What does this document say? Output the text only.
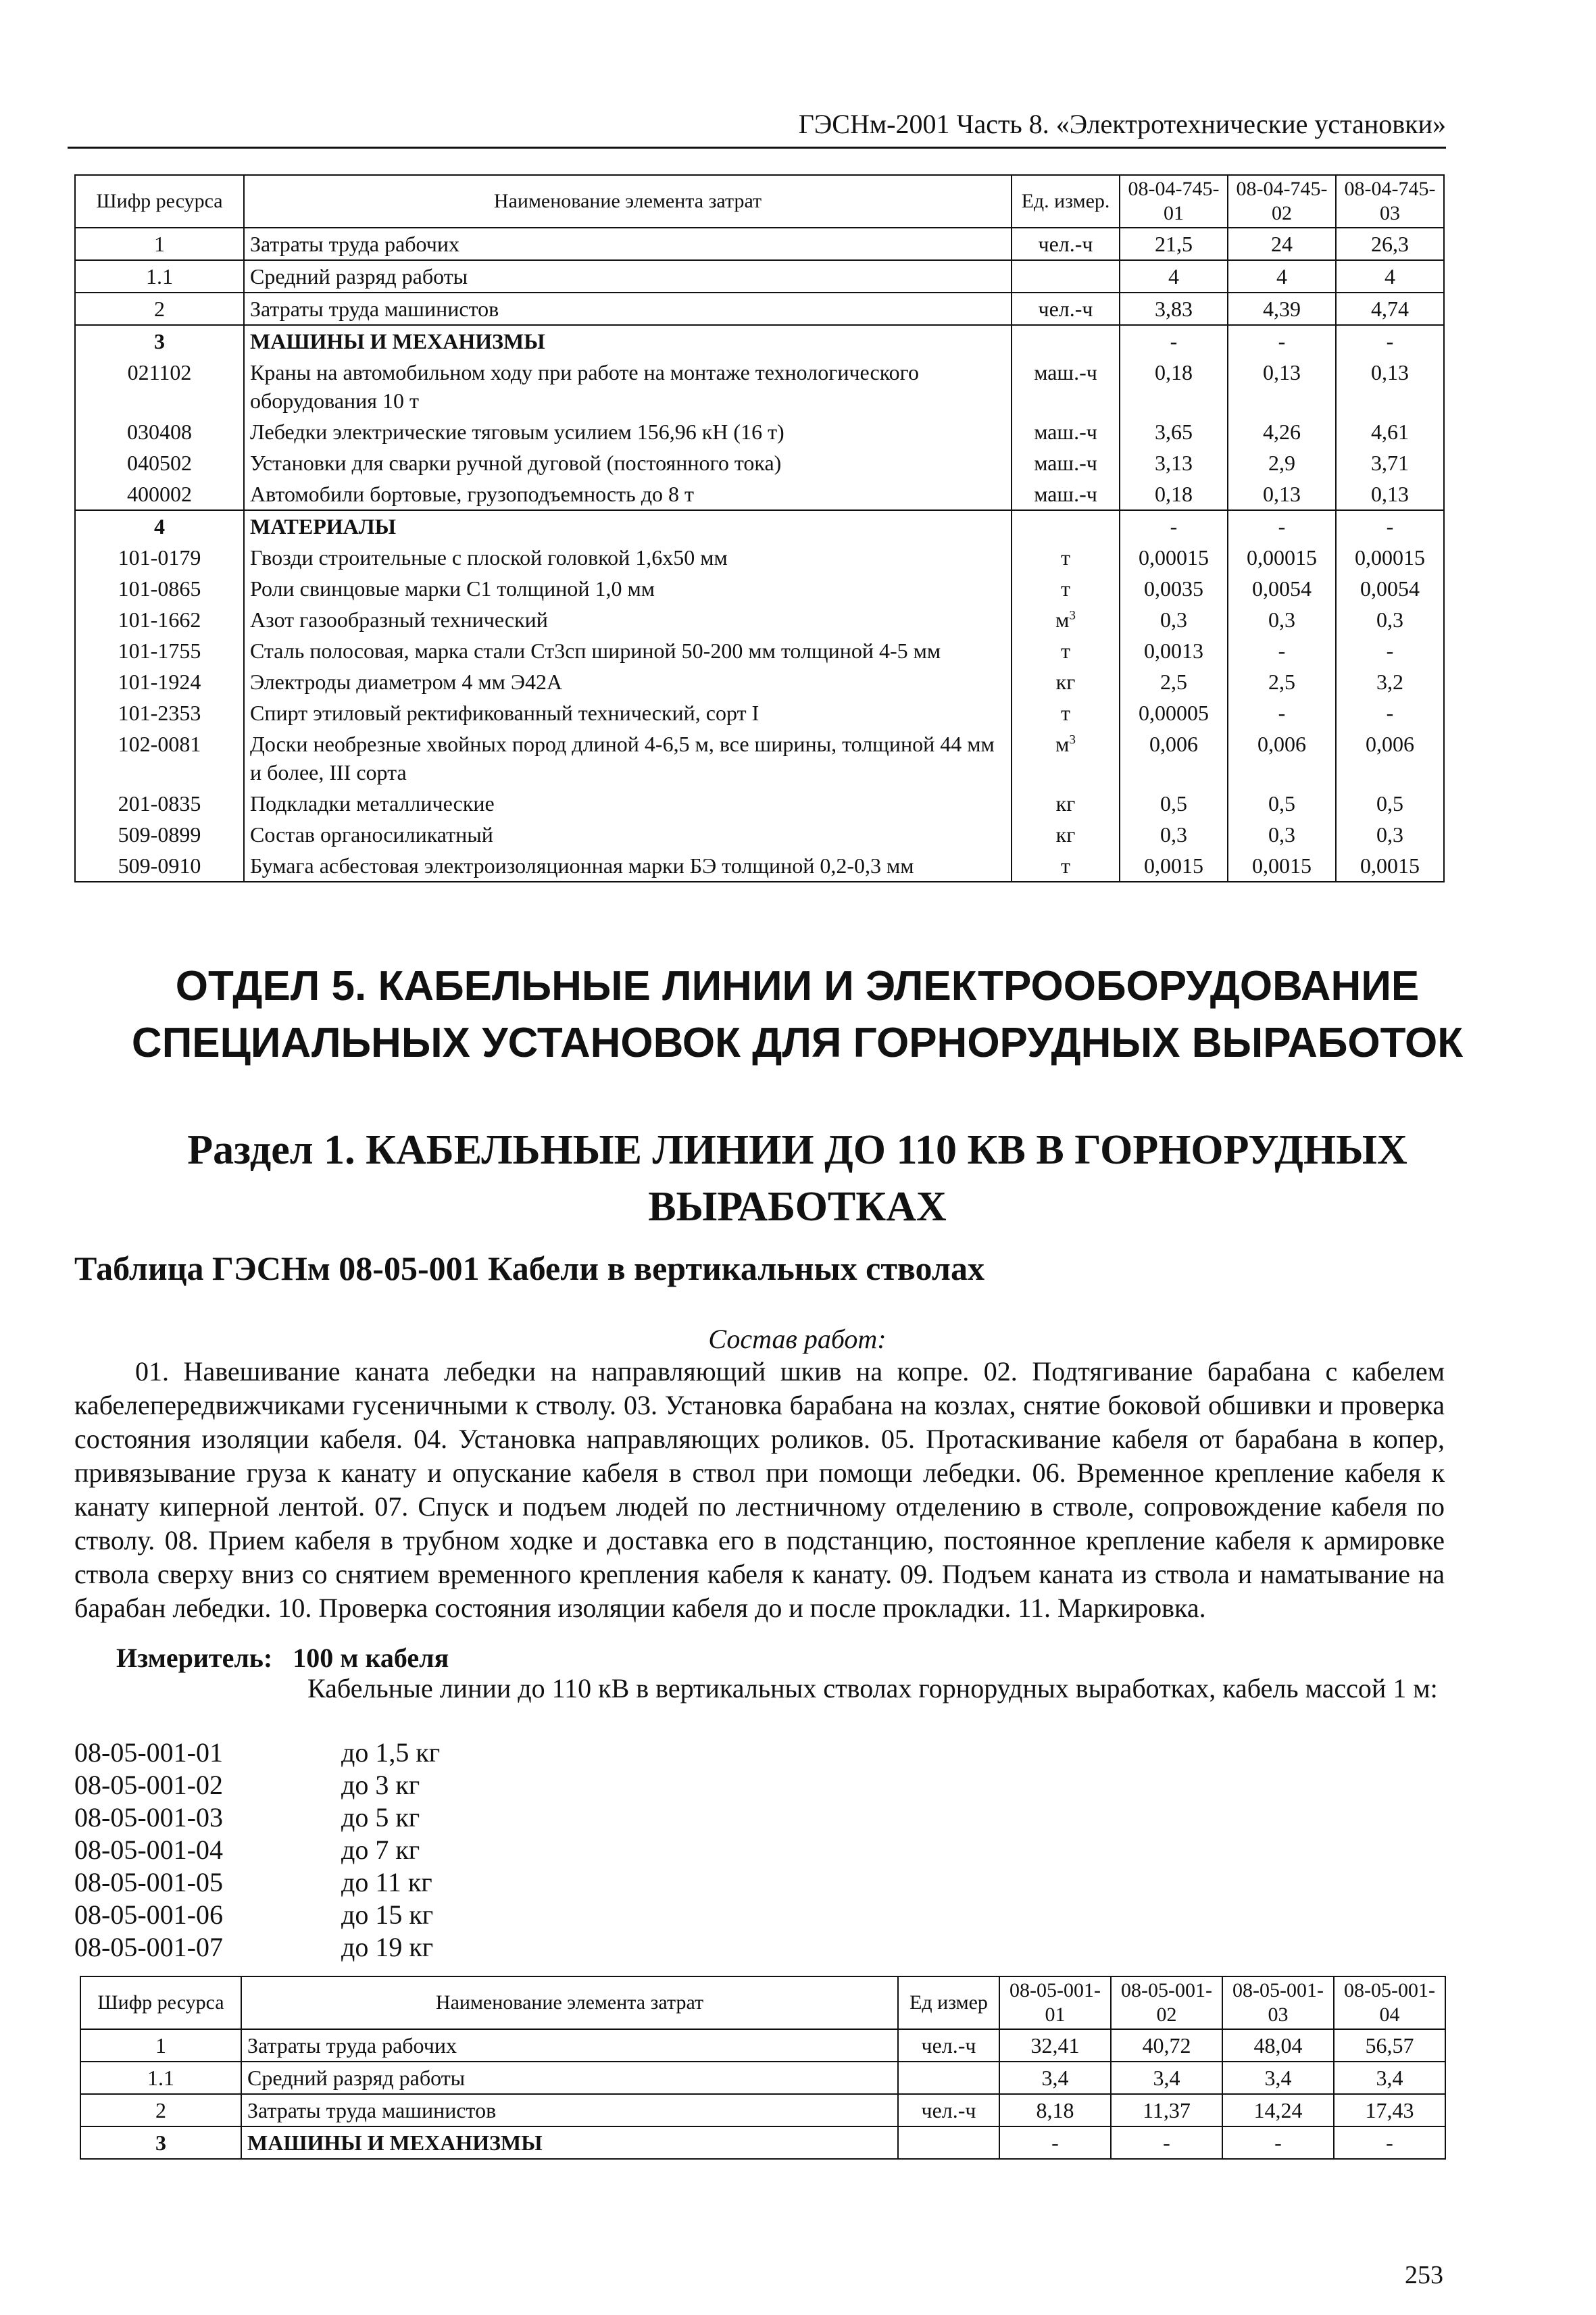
ГЭСНм-2001 Часть 8. «Электротехнические установки»
Шифр ресурса	Наименование элемента затрат	Ед. измер.	08-04-745-01	08-04-745-02	08-04-745-03
1	Затраты труда рабочих	чел.-ч	21,5	24	26,3
1.1	Средний разряд работы		4	4	4
2	Затраты труда машинистов	чел.-ч	3,83	4,39	4,74
3	МАШИНЫ И МЕХАНИЗМЫ		-	-	-
021102	Краны на автомобильном ходу при работе на монтаже технологического оборудования 10 т	маш.-ч	0,18	0,13	0,13
030408	Лебедки электрические тяговым усилием 156,96 кН (16 т)	маш.-ч	3,65	4,26	4,61
040502	Установки для сварки ручной дуговой (постоянного тока)	маш.-ч	3,13	2,9	3,71
400002	Автомобили бортовые, грузоподъемность до 8 т	маш.-ч	0,18	0,13	0,13
4	МАТЕРИАЛЫ		-	-	-
101-0179	Гвозди строительные с плоской головкой 1,6х50 мм	т	0,00015	0,00015	0,00015
101-0865	Роли свинцовые марки С1 толщиной 1,0 мм	т	0,0035	0,0054	0,0054
101-1662	Азот газообразный технический	$м^3$	0,3	0,3	0,3
101-1755	Сталь полосовая, марка стали Ст3сп шириной 50-200 мм толщиной 4-5 мм	т	0,0013	-	-
101-1924	Электроды диаметром 4 мм Э42А	кг	2,5	2,5	3,2
101-2353	Спирт этиловый ректификованный технический, сорт I	т	0,00005	-	-
102-0081	Доски необрезные хвойных пород длиной 4-6,5 м, все ширины, толщиной 44 мм и более, III сорта	$м^3$	0,006	0,006	0,006
201-0835	Подкладки металлические	кг	0,5	0,5	0,5
509-0899	Состав органосиликатный	кг	0,3	0,3	0,3
509-0910	Бумага асбестовая электроизоляционная марки БЭ толщиной 0,2-0,3 мм	т	0,0015	0,0015	0,0015
ОТДЕЛ 5. КАБЕЛЬНЫЕ ЛИНИИ И ЭЛЕКТРООБОРУДОВАНИЕ СПЕЦИАЛЬНЫХ УСТАНОВОК ДЛЯ ГОРНОРУДНЫХ ВЫРАБОТОК
Раздел 1. КАБЕЛЬНЫЕ ЛИНИИ ДО 110 КВ В ГОРНОРУДНЫХ ВЫРАБОТКАХ
Таблица ГЭСНм 08-05-001 Кабели в вертикальных стволах
Состав работ:

01. Навешивание каната лебедки на направляющий шкив на копре. 02. Подтягивание барабана с кабелем кабелепередвижчиками гусеничными к стволу. 03. Установка барабана на козлах, снятие боковой обшивки и проверка состояния изоляции кабеля. 04. Установка направляющих роликов. 05. Протаскивание кабеля от барабана в копер, привязывание груза к канату и опускание кабеля в ствол при помощи лебедки. 06. Временное крепление кабеля к канату киперной лентой. 07. Спуск и подъем людей по лестничному отделению в стволе, сопровождение кабеля по стволу. 08. Прием кабеля в трубном ходке и доставка его в подстанцию, постоянное крепление кабеля к армировке ствола сверху вниз со снятием временного крепления кабеля к канату. 09. Подъем каната из ствола и наматывание на барабан лебедки. 10. Проверка состояния изоляции кабеля до и после прокладки. 11. Маркировка.

Измеритель: 100 м кабеля
Кабельные линии до 110 кВ в вертикальных стволах горнорудных выработках, кабель массой 1 м:
08-05-001-01	до 1,5 кг
08-05-001-02	до 3 кг
08-05-001-03	до 5 кг
08-05-001-04	до 7 кг
08-05-001-05	до 11 кг
08-05-001-06	до 15 кг
08-05-001-07	до 19 кг
Шифр ресурса	Наименование элемента затрат	Ед измер	08-05-001-01	08-05-001-02	08-05-001-03	08-05-001-04
1	Затраты труда рабочих	чел.-ч	32,41	40,72	48,04	56,57
1.1	Средний разряд работы		3,4	3,4	3,4	3,4
2	Затраты труда машинистов	чел.-ч	8,18	11,37	14,24	17,43
3	МАШИНЫ И МЕХАНИЗМЫ		-	-	-	-
253
